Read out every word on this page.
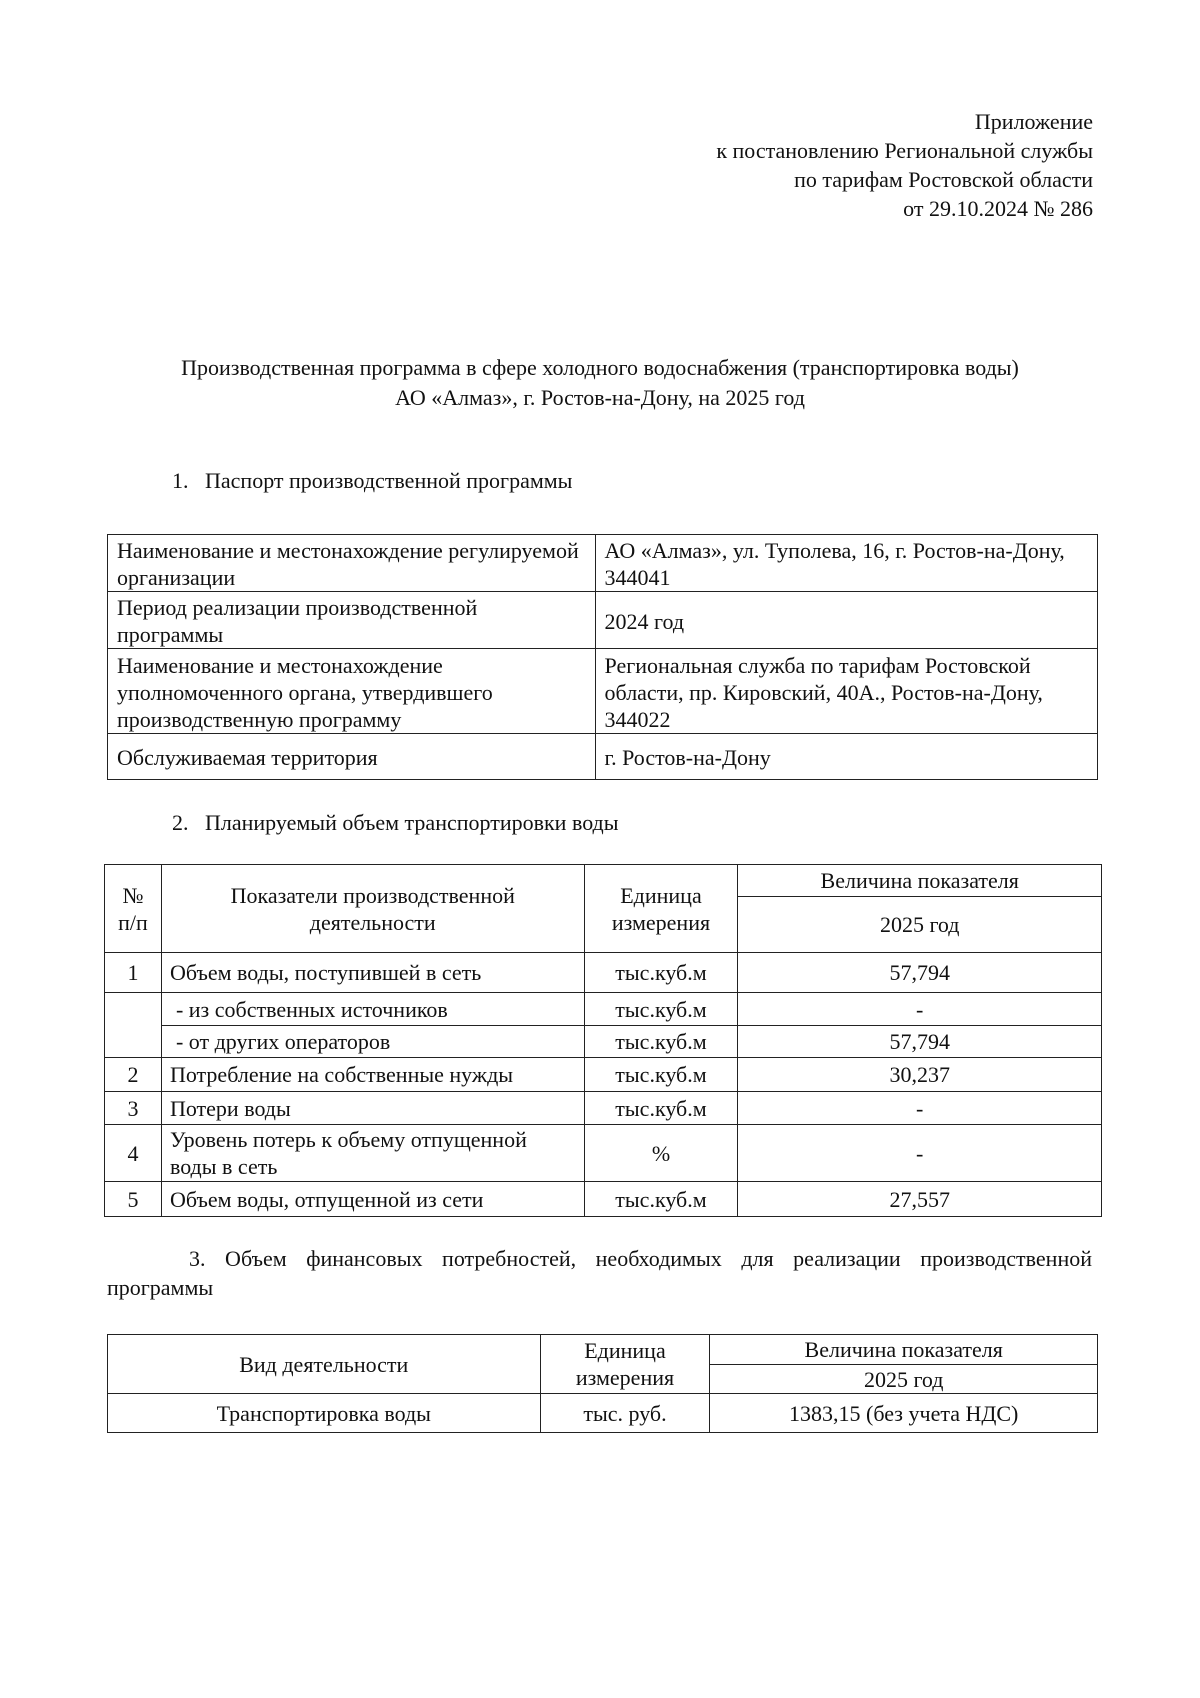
Приложение
к постановлению Региональной службы
по тарифам Ростовской области
от 29.10.2024 № 286
Производственная программа в сфере холодного водоснабжения (транспортировка воды)
АО «Алмаз», г. Ростов-на-Дону, на 2025 год
1.   Паспорт производственной программы
Наименование и местонахождение регулируемой организации	АО «Алмаз», ул. Туполева, 16, г. Ростов-на-Дону, 344041
Период реализации производственной программы	2024 год
Наименование и местонахождение уполномоченного органа, утвердившего производственную программу	Региональная служба по тарифам Ростовской области, пр. Кировский, 40А., Ростов-на-Дону, 344022
Обслуживаемая территория	г. Ростов-на-Дону
2.   Планируемый объем транспортировки воды
№ п/п	Показатели производственной деятельности	Единица измерения	Величина показателя
			2025 год
1	Объем воды, поступившей в сеть	тыс.куб.м	57,794
	- из собственных источников	тыс.куб.м	-
	- от других операторов	тыс.куб.м	57,794
2	Потребление на собственные нужды	тыс.куб.м	30,237
3	Потери воды	тыс.куб.м	-
4	Уровень потерь к объему отпущенной воды в сеть	%	-
5	Объем воды, отпущенной из сети	тыс.куб.м	27,557
3. Объем финансовых потребностей, необходимых для реализации производственной программы
Вид деятельности	Единица измерения	Величина показателя
		2025 год
Транспортировка воды	тыс. руб.	1383,15 (без учета НДС)
